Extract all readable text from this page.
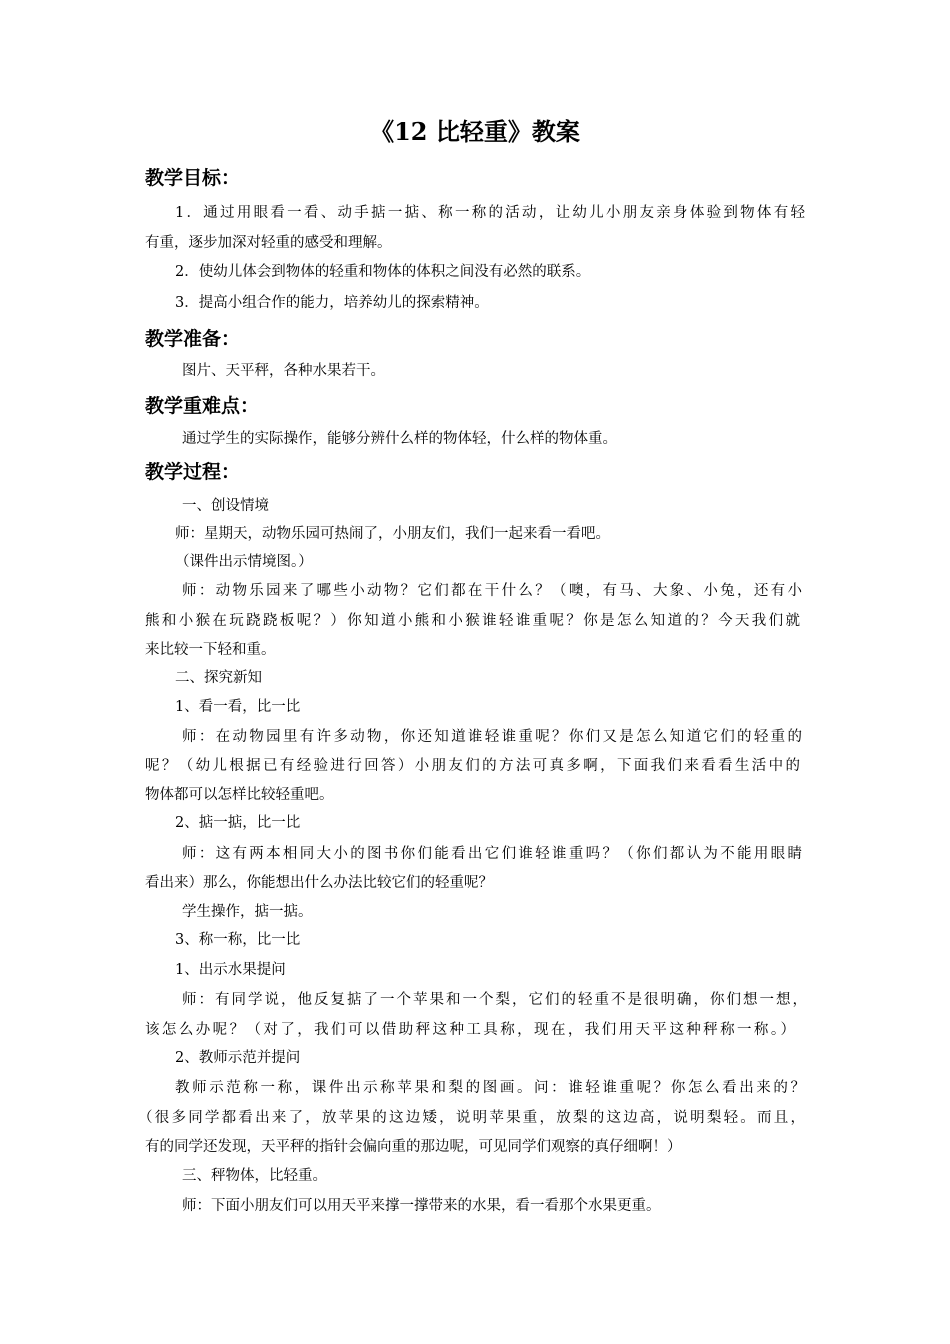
《12 比轻重》教案
教学目标：
1．通过用眼看一看、动手掂一掂、称一称的活动，让幼儿小朋友亲身体验到物体有轻
有重，逐步加深对轻重的感受和理解。
2．使幼儿体会到物体的轻重和物体的体积之间没有必然的联系。
3．提高小组合作的能力，培养幼儿的探索精神。
教学准备：
图片、天平秤，各种水果若干。
教学重难点：
通过学生的实际操作，能够分辨什么样的物体轻，什么样的物体重。
教学过程：
一、创设情境
师：星期天，动物乐园可热闹了，小朋友们，我们一起来看一看吧。
（课件出示情境图。）
师：动物乐园来了哪些小动物？它们都在干什么？（噢，有马、大象、小兔，还有小
熊和小猴在玩跷跷板呢？）你知道小熊和小猴谁轻谁重呢？你是怎么知道的？今天我们就
来比较一下轻和重。
二、探究新知
1、看一看，比一比
师：在动物园里有许多动物，你还知道谁轻谁重呢？你们又是怎么知道它们的轻重的
呢？（幼儿根据已有经验进行回答）小朋友们的方法可真多啊，下面我们来看看生活中的
物体都可以怎样比较轻重吧。
2、掂一掂，比一比
师：这有两本相同大小的图书你们能看出它们谁轻谁重吗？（你们都认为不能用眼睛
看出来）那么，你能想出什么办法比较它们的轻重呢？
学生操作，掂一掂。
3、称一称，比一比
1、出示水果提问
师：有同学说，他反复掂了一个苹果和一个梨，它们的轻重不是很明确，你们想一想，
该怎么办呢？（对了，我们可以借助秤这种工具称，现在，我们用天平这种秤称一称。）
2、教师示范并提问
教师示范称一称，课件出示称苹果和梨的图画。问：谁轻谁重呢？你怎么看出来的？
（很多同学都看出来了，放苹果的这边矮，说明苹果重，放梨的这边高，说明梨轻。而且，
有的同学还发现，天平秤的指针会偏向重的那边呢，可见同学们观察的真仔细啊！）
三、秤物体，比轻重。
师：下面小朋友们可以用天平来撑一撑带来的水果，看一看那个水果更重。
